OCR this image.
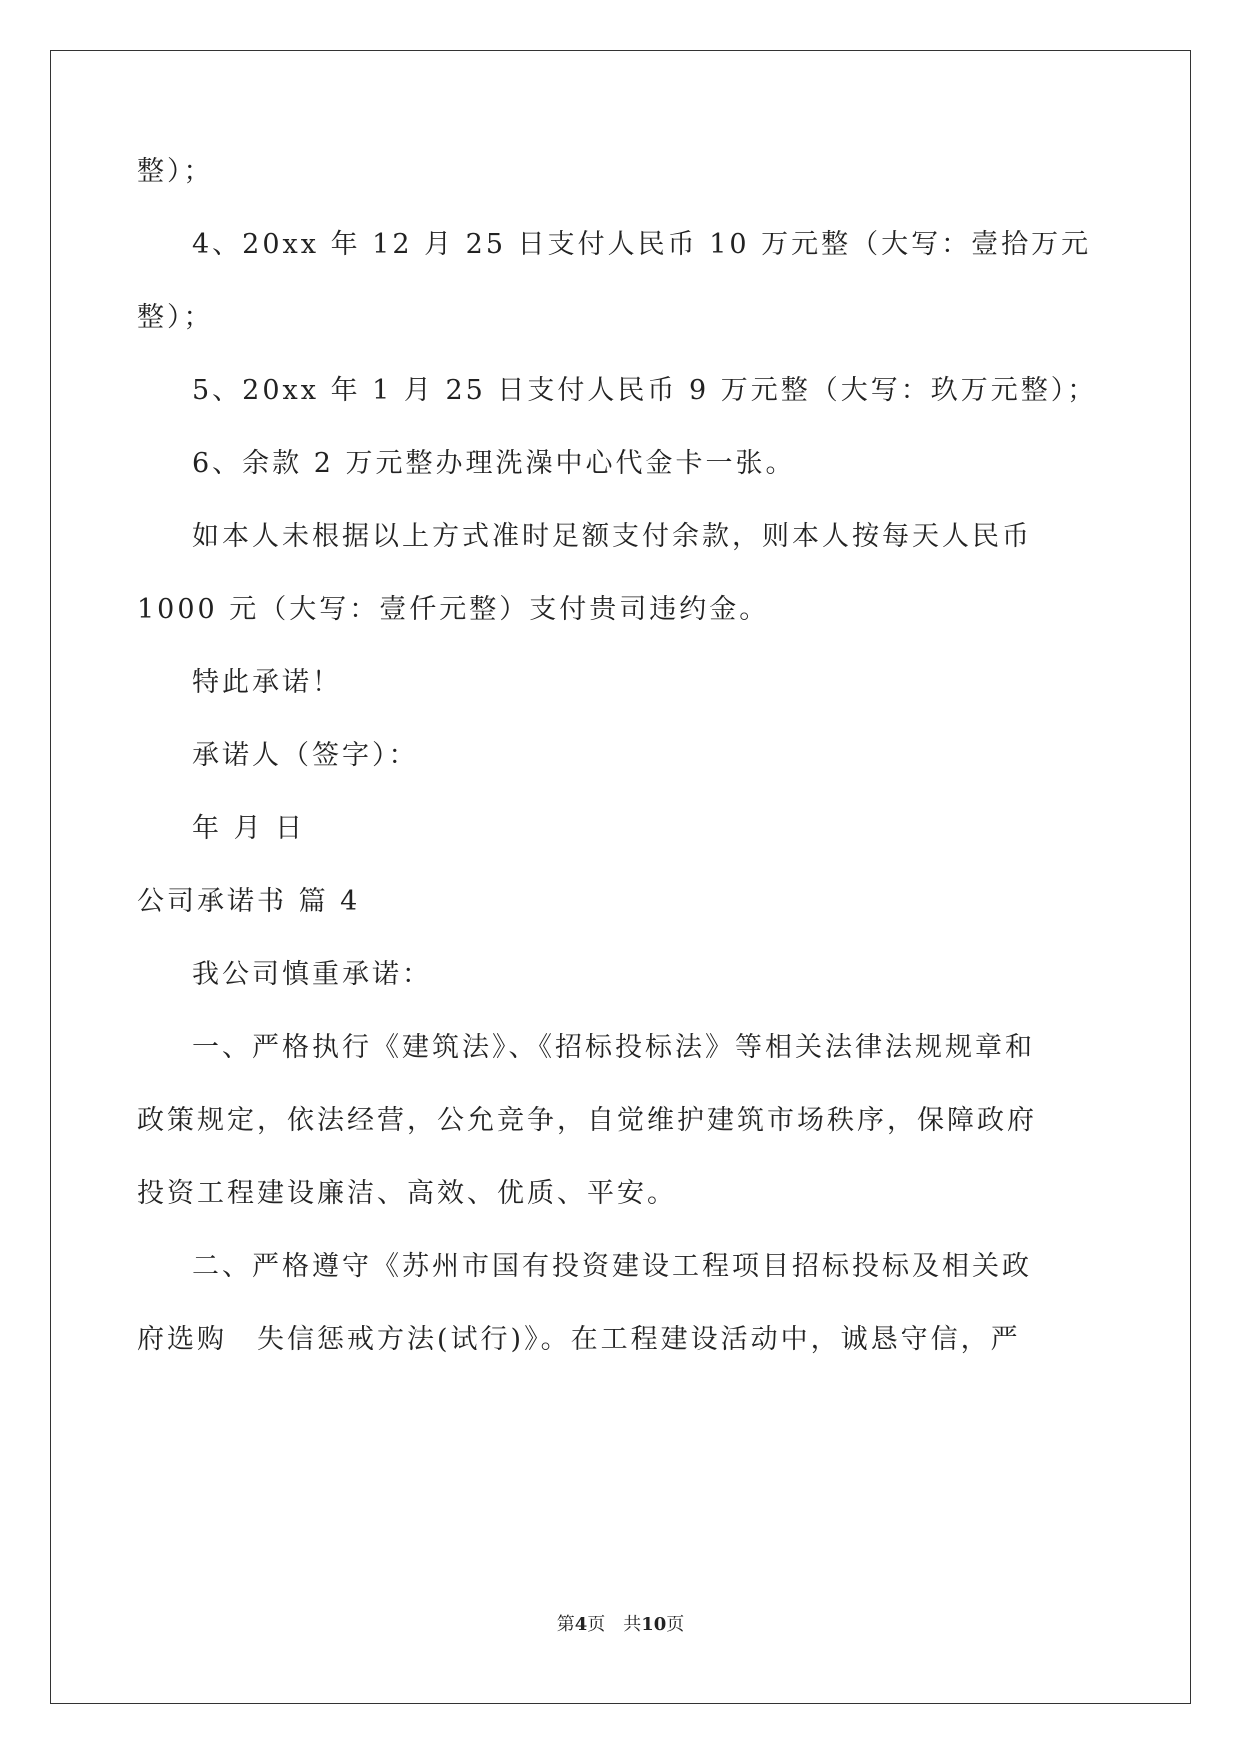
整）；
4、20xx 年 12 月 25 日支付人民币 10 万元整（大写：壹拾万元
整）；
5、20xx 年 1 月 25 日支付人民币 9 万元整（大写：玖万元整）；
6、余款 2 万元整办理洗澡中心代金卡一张。
如本人未根据以上方式准时足额支付余款，则本人按每天人民币
1000 元（大写：壹仟元整）支付贵司违约金。
特此承诺！
承诺人（签字）：
年 月 日
公司承诺书 篇 4
我公司慎重承诺：
一、严格执行《建筑法》、《招标投标法》等相关法律法规规章和
政策规定，依法经营，公允竞争，自觉维护建筑市场秩序，保障政府
投资工程建设廉洁、高效、优质、平安。
二、严格遵守《苏州市国有投资建设工程项目招标投标及相关政
府选购　失信惩戒方法(试行)》。在工程建设活动中，诚恳守信，严
第4页　共10页
